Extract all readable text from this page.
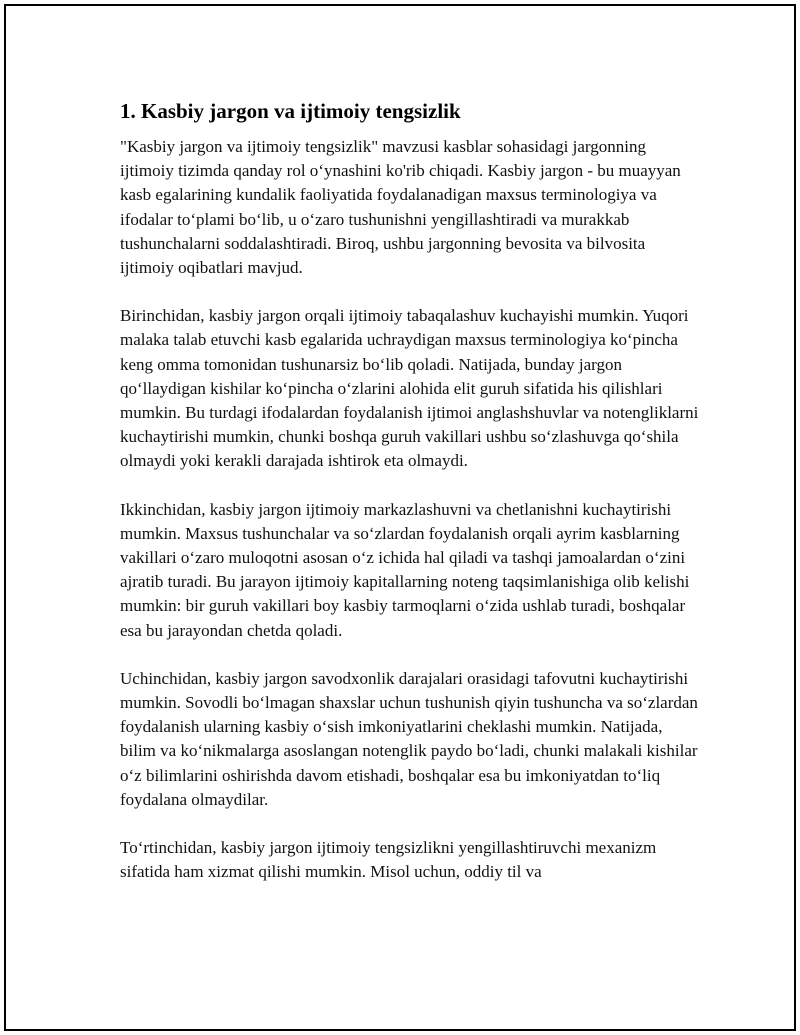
1. Kasbiy jargon va ijtimoiy tengsizlik

"Kasbiy jargon va ijtimoiy tengsizlik" mavzusi kasblar sohasidagi jargonning ijtimoiy tizimda qanday rol oʻynashini ko'rib chiqadi. Kasbiy jargon - bu muayyan kasb egalarining kundalik faoliyatida foydalanadigan maxsus terminologiya va ifodalar toʻplami boʻlib, u oʻzaro tushunishni yengillashtiradi va murakkab tushunchalarni soddalashtiradi. Biroq, ushbu jargonning bevosita va bilvosita ijtimoiy oqibatlari mavjud.

Birinchidan, kasbiy jargon orqali ijtimoiy tabaqalashuv kuchayishi mumkin. Yuqori malaka talab etuvchi kasb egalarida uchraydigan maxsus terminologiya koʻpincha keng omma tomonidan tushunarsiz boʻlib qoladi. Natijada, bunday jargon qoʻllaydigan kishilar koʻpincha oʻzlarini alohida elit guruh sifatida his qilishlari mumkin. Bu turdagi ifodalardan foydalanish ijtimoi anglashshuvlar va notengliklarni kuchaytirishi mumkin, chunki boshqa guruh vakillari ushbu soʻzlashuvga qoʻshila olmaydi yoki kerakli darajada ishtirok eta olmaydi.

Ikkinchidan, kasbiy jargon ijtimoiy markazlashuvni va chetlanishni kuchaytirishi mumkin. Maxsus tushunchalar va soʻzlardan foydalanish orqali ayrim kasblarning vakillari oʻzaro muloqotni asosan oʻz ichida hal qiladi va tashqi jamoalardan oʻzini ajratib turadi. Bu jarayon ijtimoiy kapitallarning noteng taqsimlanishiga olib kelishi mumkin: bir guruh vakillari boy kasbiy tarmoqlarni oʻzida ushlab turadi, boshqalar esa bu jarayondan chetda qoladi.

Uchinchidan, kasbiy jargon savodxonlik darajalari orasidagi tafovutni kuchaytirishi mumkin. Sovodli boʻlmagan shaxslar uchun tushunish qiyin tushuncha va soʻzlardan foydalanish ularning kasbiy oʻsish imkoniyatlarini cheklashi mumkin. Natijada, bilim va koʻnikmalarga asoslangan notenglik paydo boʻladi, chunki malakali kishilar oʻz bilimlarini oshirishda davom etishadi, boshqalar esa bu imkoniyatdan toʻliq foydalana olmaydilar.

Toʻrtinchidan, kasbiy jargon ijtimoiy tengsizlikni yengillashtiruvchi mexanizm sifatida ham xizmat qilishi mumkin. Misol uchun, oddiy til va
